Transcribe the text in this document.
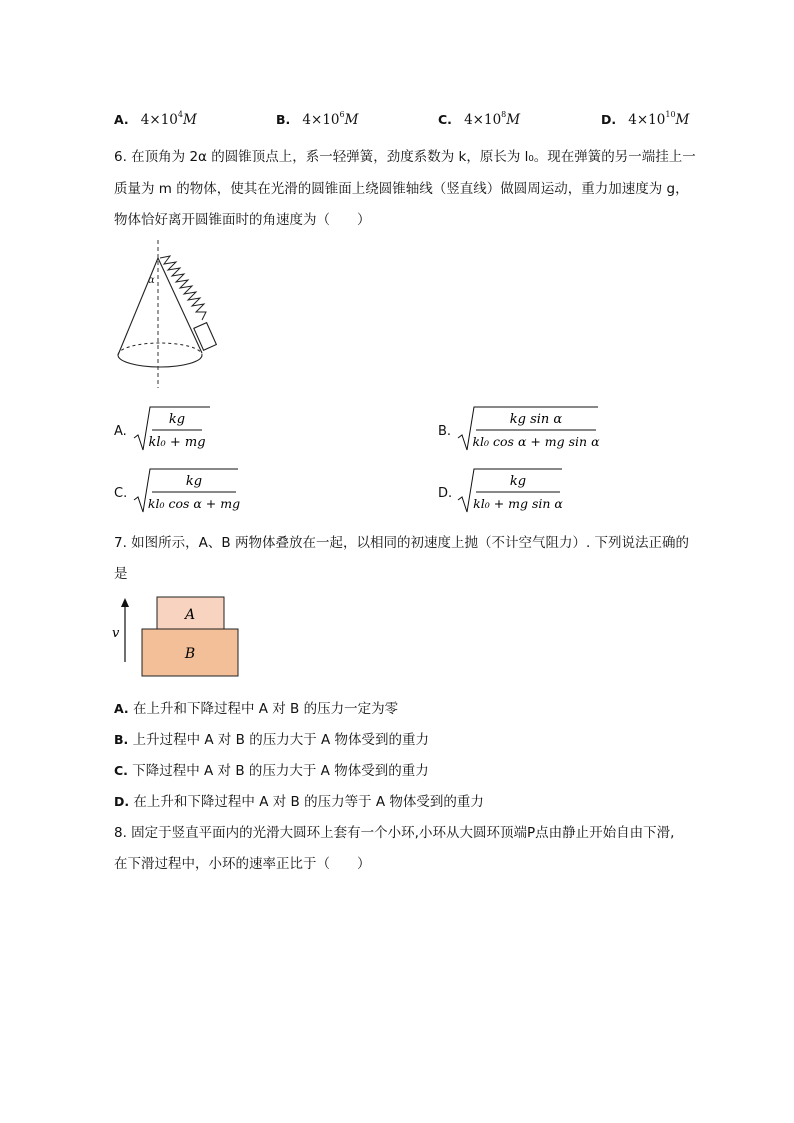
A. $4\times 10^4M$	B. $4\times 10^6M$	C. $4\times 10^8M$	D. $4\times 10^{10}M$
6. 在顶角为 2α 的圆锥顶点上，系一轻弹簧，劲度系数为 k，原长为 l₀。现在弹簧的另一端挂上一
质量为 m 的物体，使其在光滑的圆锥面上绕圆锥轴线（竖直线）做圆周运动，重力加速度为 g，
物体恰好离开圆锥面时的角速度为（　　）
α
A.
kg
kl₀ + mg
B.
kg sin α
kl₀ cos α + mg sin α
C.
kg
kl₀ cos α + mg
D.
kg
kl₀ + mg sin α
7. 如图所示，A、B 两物体叠放在一起，以相同的初速度上抛（不计空气阻力）. 下列说法正确的
是
v
A
B
A. 在上升和下降过程中 A 对 B 的压力一定为零
B. 上升过程中 A 对 B 的压力大于 A 物体受到的重力
C. 下降过程中 A 对 B 的压力大于 A 物体受到的重力
D. 在上升和下降过程中 A 对 B 的压力等于 A 物体受到的重力
8. 固定于竖直平面内的光滑大圆环上套有一个小环,小环从大圆环顶端P点由静止开始自由下滑,
在下滑过程中，小环的速率正比于（　　）
